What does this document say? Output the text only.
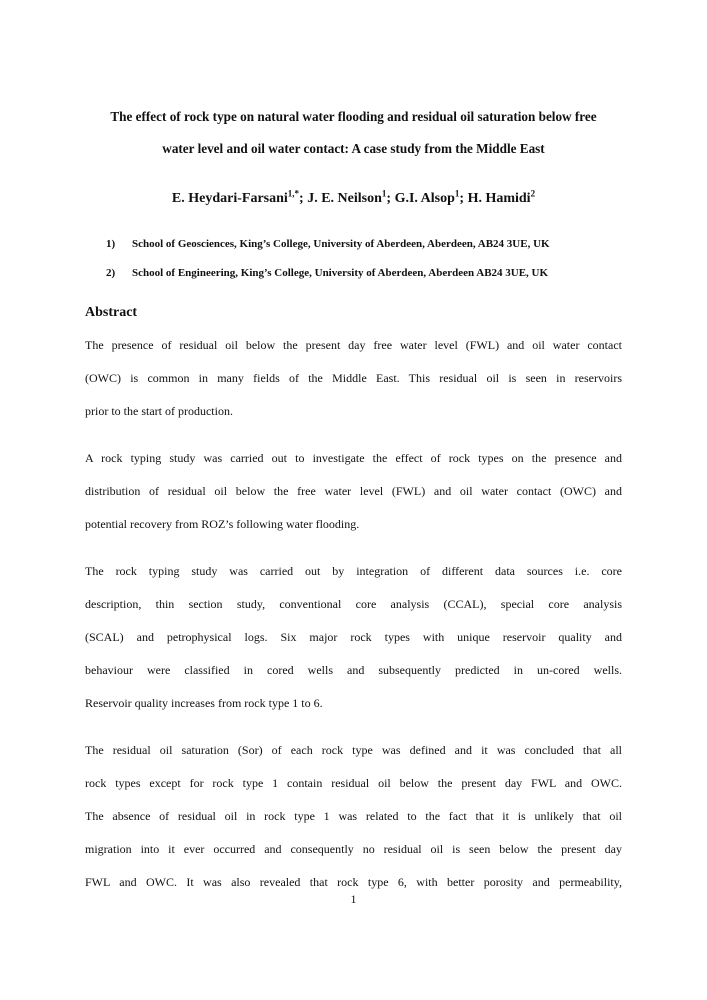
The effect of rock type on natural water flooding and residual oil saturation below free
water level and oil water contact: A case study from the Middle East
E. Heydari-Farsani$^{1,*}$; J. E. Neilson$^1$; G.I. Alsop$^1$; H. Hamidi$^2$
1)	School of Geosciences, King’s College, University of Aberdeen, Aberdeen, AB24 3UE, UK
2)	School of Engineering, King’s College, University of Aberdeen, Aberdeen AB24 3UE, UK
Abstract
The presence of residual oil below the present day free water level (FWL) and oil water contact
(OWC) is common in many fields of the Middle East. This residual oil is seen in reservoirs
prior to the start of production.
A rock typing study was carried out to investigate the effect of rock types on the presence and
distribution of residual oil below the free water level (FWL) and oil water contact (OWC) and
potential recovery from ROZ’s following water flooding.
The rock typing study was carried out by integration of different data sources i.e. core
description, thin section study, conventional core analysis (CCAL), special core analysis
(SCAL) and petrophysical logs. Six major rock types with unique reservoir quality and
behaviour were classified in cored wells and subsequently predicted in un-cored wells.
Reservoir quality increases from rock type 1 to 6.
The residual oil saturation (Sor) of each rock type was defined and it was concluded that all
rock types except for rock type 1 contain residual oil below the present day FWL and OWC.
The absence of residual oil in rock type 1 was related to the fact that it is unlikely that oil
migration into it ever occurred and consequently no residual oil is seen below the present day
FWL and OWC. It was also revealed that rock type 6, with better porosity and permeability,
1
